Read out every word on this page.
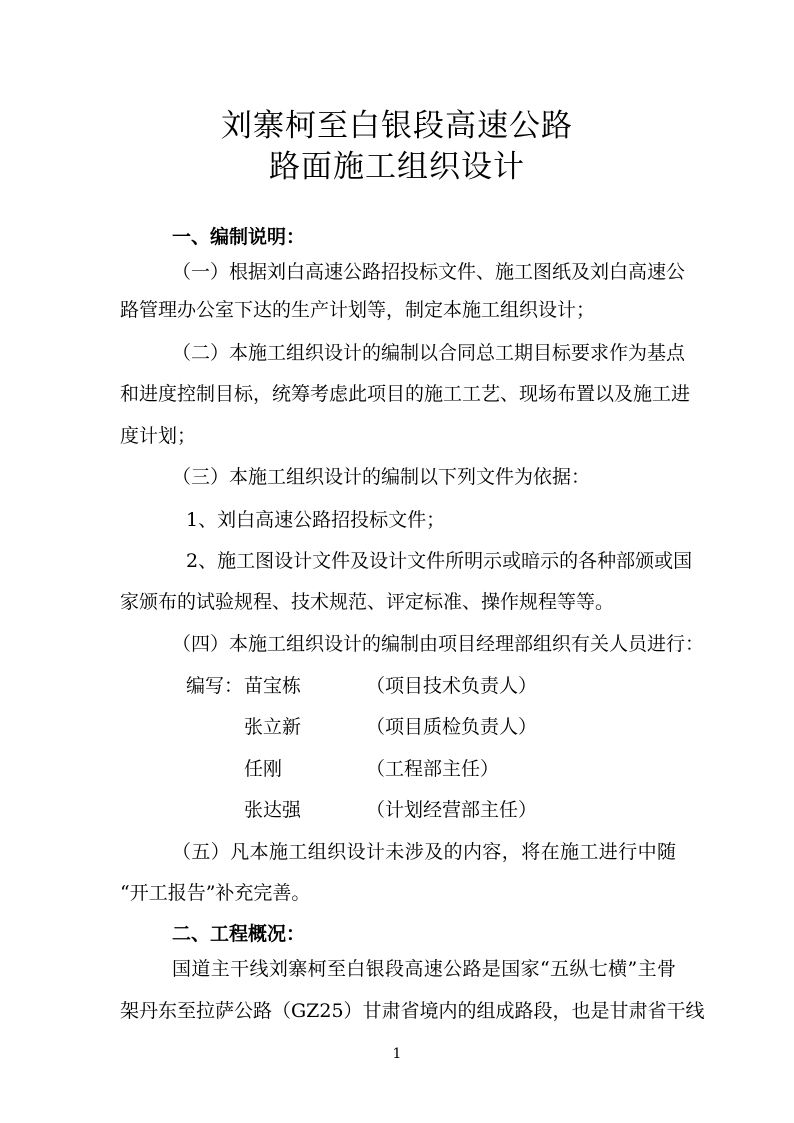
刘寨柯至白银段高速公路
路面施工组织设计
一、编制说明：
（一）根据刘白高速公路招投标文件、施工图纸及刘白高速公
路管理办公室下达的生产计划等，制定本施工组织设计；
（二）本施工组织设计的编制以合同总工期目标要求作为基点
和进度控制目标，统筹考虑此项目的施工工艺、现场布置以及施工进
度计划；
（三）本施工组织设计的编制以下列文件为依据：
1、刘白高速公路招投标文件；
2、施工图设计文件及设计文件所明示或暗示的各种部颁或国
家颁布的试验规程、技术规范、评定标准、操作规程等等。
（四）本施工组织设计的编制由项目经理部组织有关人员进行：
编写： 苗宝栋	（项目技术负责人）
张立新	（项目质检负责人）
任刚	（工程部主任）
张达强	（计划经营部主任）
（五）凡本施工组织设计未涉及的内容，将在施工进行中随
“开工报告”补充完善。
二、工程概况：
国道主干线刘寨柯至白银段高速公路是国家“五纵七横”主骨
架丹东至拉萨公路（GZ25）甘肃省境内的组成路段，也是甘肃省干线
1
